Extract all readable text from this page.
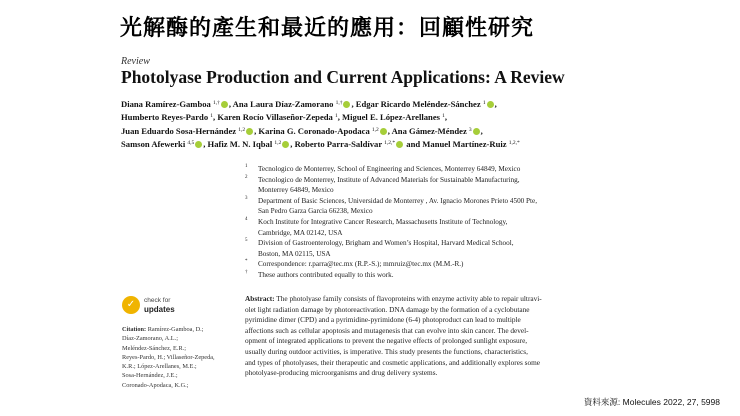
光解酶的產生和最近的應用：回顧性研究
Review
Photolyase Production and Current Applications: A Review
Diana Ramírez-Gamboa $^{1,\dagger}$ , Ana Laura Díaz-Zamorano $^{1,\dagger}$ , Edgar Ricardo Meléndez-Sánchez $^1$ ,
Humberto Reyes-Pardo $^1$, Karen Rocío Villaseñor-Zepeda $^1$, Miguel E. López-Arellanes $^1$,
Juan Eduardo Sosa-Hernández $^{1,2}$ , Karina G. Coronado-Apodaca $^{1,2}$ , Ana Gámez-Méndez $^3$ ,
Samson Afewerki $^{4,5}$ , Hafiz M. N. Iqbal $^{1,2}$ , Roberto Parra-Saldívar $^{1,2,*}$ and Manuel Martínez-Ruiz $^{1,2,*}$
1 Tecnologico de Monterrey, School of Engineering and Sciences, Monterrey 64849, Mexico
2 Tecnologico de Monterrey, Institute of Advanced Materials for Sustainable Manufacturing,
Monterrey 64849, Mexico
3 Department of Basic Sciences, Universidad de Monterrey , Av. Ignacio Morones Prieto 4500 Pte,
San Pedro Garza Garcia 66238, Mexico
4 Koch Institute for Integrative Cancer Research, Massachusetts Institute of Technology,
Cambridge, MA 02142, USA
5 Division of Gastroenterology, Brigham and Women’s Hospital, Harvard Medical School,
Boston, MA 02115, USA
* Correspondence: r.parra@tec.mx (R.P.-S.); mmruiz@tec.mx (M.M.-R.)
† These authors contributed equally to this work.
✓	check for
updates
Citation: Ramírez-Gamboa, D.;
Díaz-Zamorano, A.L.;
Meléndez-Sánchez, E.R.;
Reyes-Pardo, H.; Villaseñor-Zepeda,
K.R.; López-Arellanes, M.E.;
Sosa-Hernández, J.E.;
Coronado-Apodaca, K.G.;
Abstract: The photolyase family consists of flavoproteins with enzyme activity able to repair ultravi-
olet light radiation damage by photoreactivation. DNA damage by the formation of a cyclobutane
pyrimidine dimer (CPD) and a pyrimidine-pyrimidone (6-4) photoproduct can lead to multiple
affections such as cellular apoptosis and mutagenesis that can evolve into skin cancer. The devel-
opment of integrated applications to prevent the negative effects of prolonged sunlight exposure,
usually during outdoor activities, is imperative. This study presents the functions, characteristics,
and types of photolyases, their therapeutic and cosmetic applications, and additionally explores some
photolyase-producing microorganisms and drug delivery systems.
資料來源: Molecules 2022, 27, 5998
